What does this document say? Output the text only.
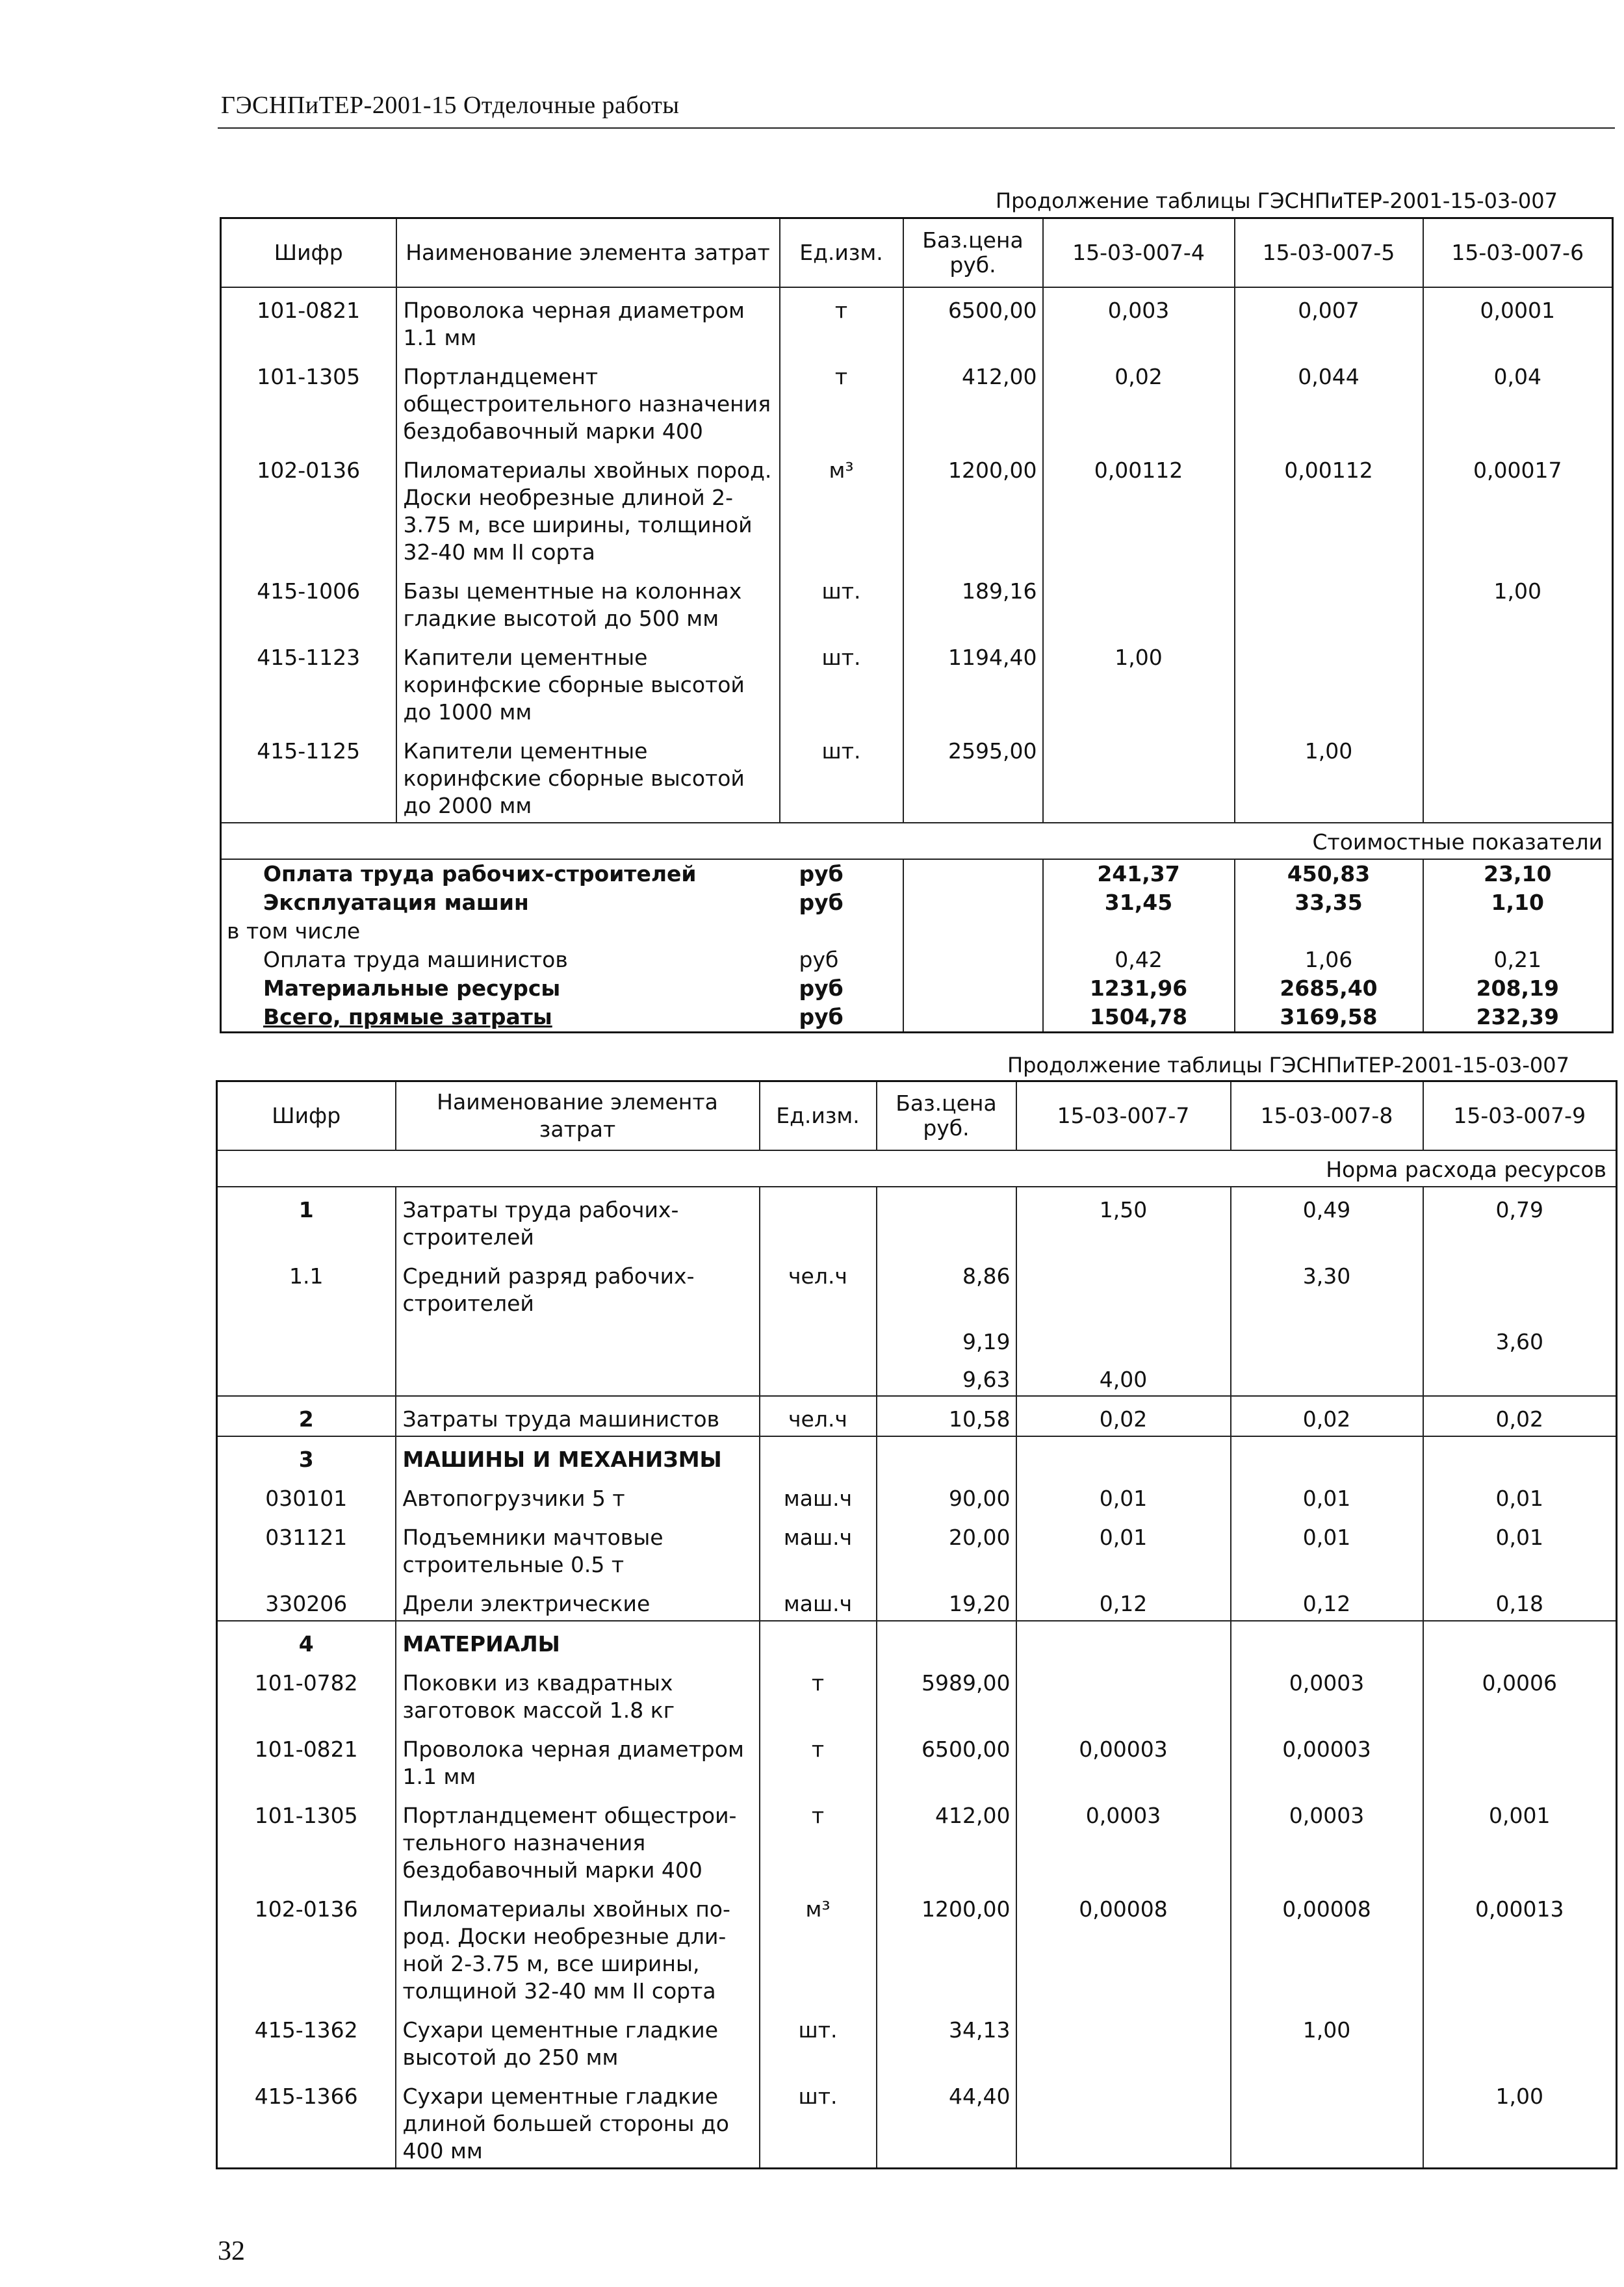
ГЭСНПиТЕР-2001-15 Отделочные работы
Продолжение таблицы ГЭСНПиТЕР-2001-15-03-007
Шифр	Наименование элемента затрат	Ед.изм.	Баз.цена руб.	15-03-007-4	15-03-007-5	15-03-007-6
101-0821	Проволока черная диаметром 1.1 мм	т	6500,00	0,003	0,007	0,0001
101-1305	Портландцемент общестроительного назначения бездобавочный марки 400	т	412,00	0,02	0,044	0,04
102-0136	Пиломатериалы хвойных пород. Доски необрезные длиной 2-3.75 м, все ширины, толщиной 32-40 мм II сорта	м³	1200,00	0,00112	0,00112	0,00017
415-1006	Базы цементные на колоннах гладкие высотой до 500 мм	шт.	189,16			1,00
415-1123	Капители цементные коринфские сборные высотой до 1000 мм	шт.	1194,40	1,00		
415-1125	Капители цементные коринфские сборные высотой до 2000 мм	шт.	2595,00		1,00	
Стоимостные показатели						
Оплата труда рабочих-строителей		руб		241,37	450,83	23,10
Эксплуатация машин		руб		31,45	33,35	1,10
в том числе						
Оплата труда машинистов		руб		0,42	1,06	0,21
Материальные ресурсы		руб		1231,96	2685,40	208,19
Всего, прямые затраты		руб		1504,78	3169,58	232,39
Продолжение таблицы ГЭСНПиТЕР-2001-15-03-007
Шифр	Наименование элемента затрат	Ед.изм.	Баз.цена руб.	15-03-007-7	15-03-007-8	15-03-007-9
Норма расхода ресурсов						
1	Затраты труда рабочих-строителей			1,50	0,49	0,79
1.1	Средний разряд рабочих-строителей	чел.ч	8,86		3,30	
			9,19			3,60
			9,63	4,00		
2	Затраты труда машинистов	чел.ч	10,58	0,02	0,02	0,02
3	МАШИНЫ И МЕХАНИЗМЫ					
030101	Автопогрузчики 5 т	маш.ч	90,00	0,01	0,01	0,01
031121	Подъемники мачтовые строительные 0.5 т	маш.ч	20,00	0,01	0,01	0,01
330206	Дрели электрические	маш.ч	19,20	0,12	0,12	0,18
4	МАТЕРИАЛЫ					
101-0782	Поковки из квадратных заготовок массой 1.8 кг	т	5989,00		0,0003	0,0006
101-0821	Проволока черная диаметром 1.1 мм	т	6500,00	0,00003	0,00003	
101-1305	Портландцемент общестрои-тельного назначения бездобавочный марки 400	т	412,00	0,0003	0,0003	0,001
102-0136	Пиломатериалы хвойных по-род. Доски необрезные дли-ной 2-3.75 м, все ширины, толщиной 32-40 мм II сорта	м³	1200,00	0,00008	0,00008	0,00013
415-1362	Сухари цементные гладкие высотой до 250 мм	шт.	34,13		1,00	
415-1366	Сухари цементные гладкие длиной большей стороны до 400 мм	шт.	44,40			1,00
32
